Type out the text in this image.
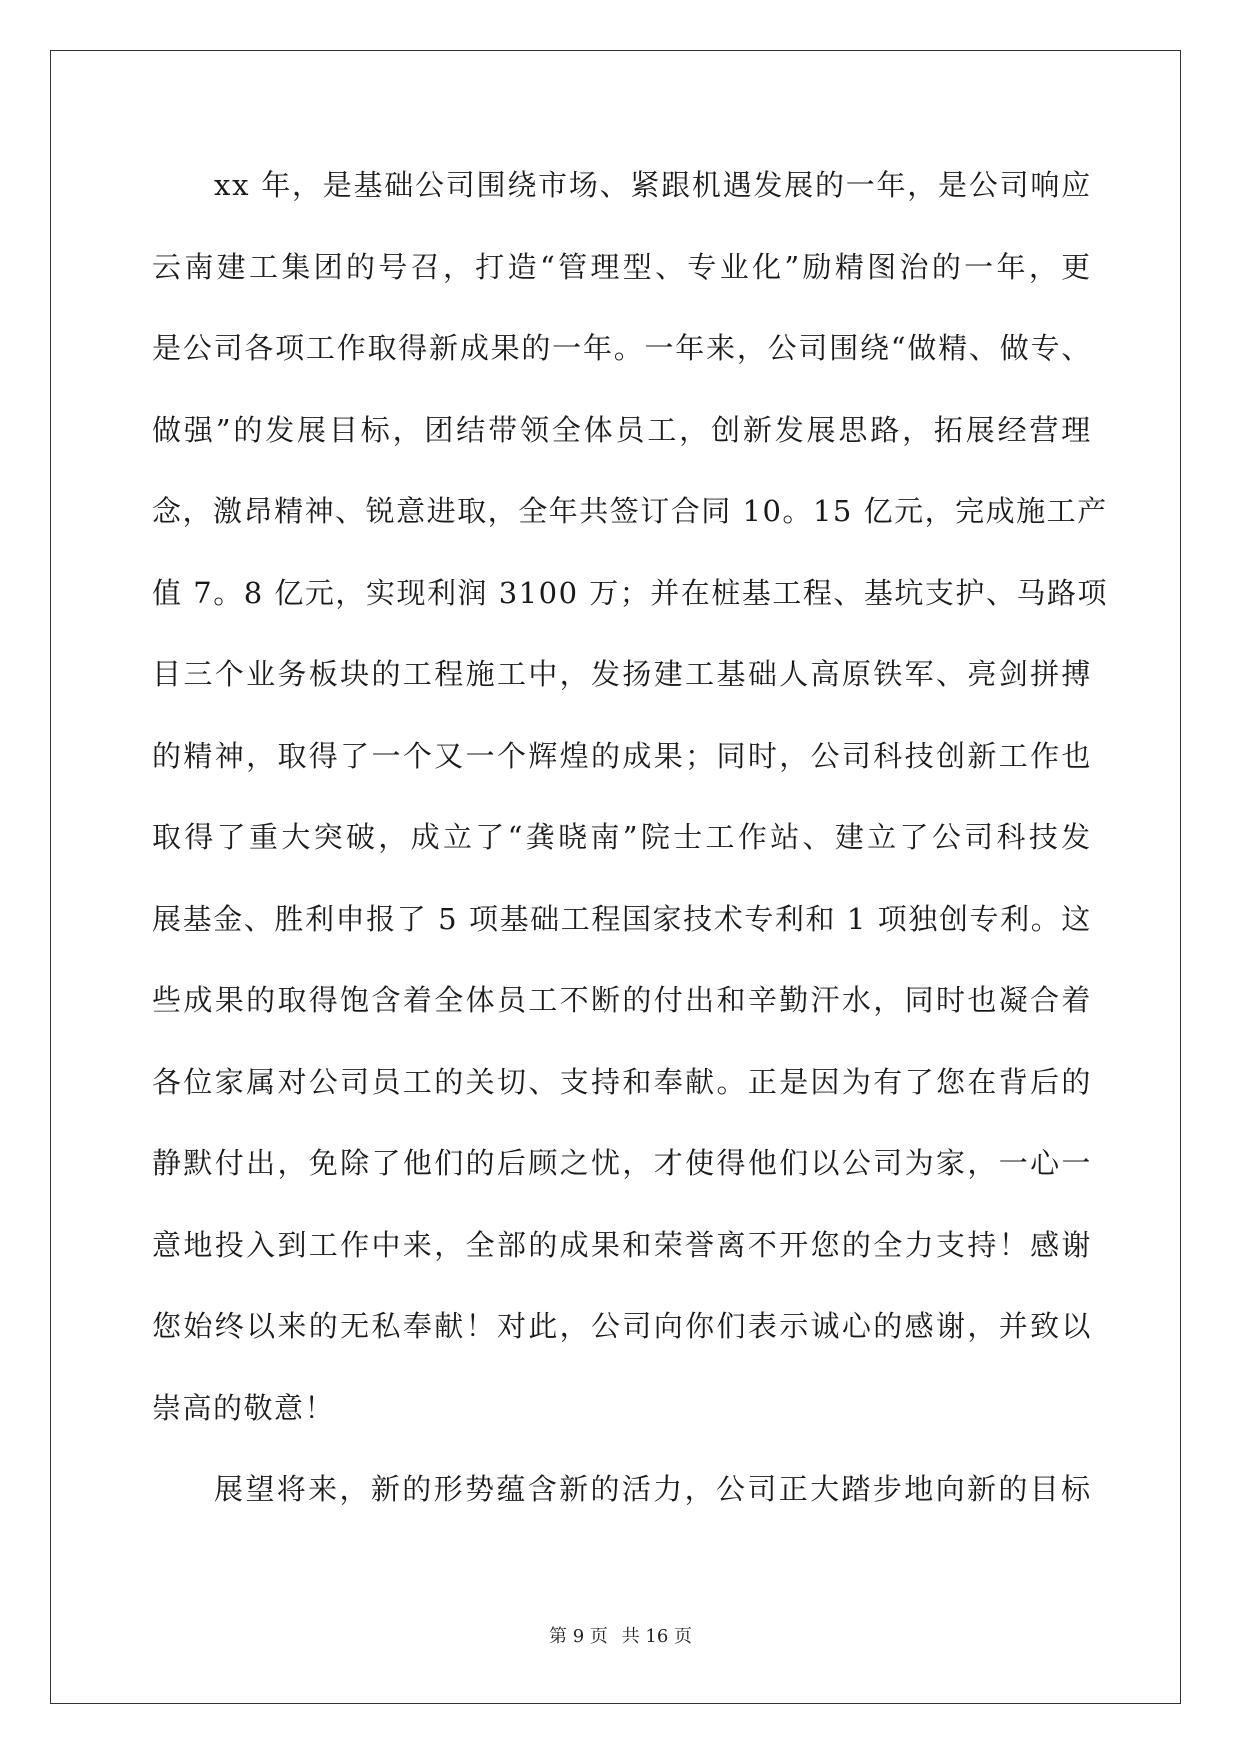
x x
年 ， 是 基 础 公 司 围 绕 市 场 、 紧 跟 机 遇 发 展 的 一 年 ， 是 公 司 响 应
云 南 建 工 集 团 的 号 召 ， 打 造 “ 管 理 型 、 专 业 化 ” 励 精 图 治 的 一 年 ， 更
是 公 司 各 项 工 作 取 得 新 成 果 的 一 年 。 一 年 来 ， 公 司 围 绕 “ 做 精 、 做 专 、
做 强 ” 的 发 展 目 标 ， 团 结 带 领 全 体 员 工 ， 创 新 发 展 思 路 ， 拓 展 经 营 理
念 ， 激 昂 精 神 、 锐 意 进 取 ， 全 年 共 签 订 合 同
1 0 。 1 5
亿 元 ， 完 成 施 工 产
值
7 。 8
亿 元 ， 实 现 利 润
3 1 0 0
万 ； 并 在 桩 基 工 程 、 基 坑 支 护 、 马 路 项
目 三 个 业 务 板 块 的 工 程 施 工 中 ， 发 扬 建 工 基 础 人 高 原 铁 军 、 亮 剑 拼 搏
的 精 神 ， 取 得 了 一 个 又 一 个 辉 煌 的 成 果 ； 同 时 ， 公 司 科 技 创 新 工 作 也
取 得 了 重 大 突 破 ， 成 立 了 “ 龚 晓 南 ” 院 士 工 作 站 、 建 立 了 公 司 科 技 发
展 基 金 、 胜 利 申 报 了
5
项 基 础 工 程 国 家 技 术 专 利 和
1
项 独 创 专 利 。 这
些 成 果 的 取 得 饱 含 着 全 体 员 工 不 断 的 付 出 和 辛 勤 汗 水 ， 同 时 也 凝 合 着
各 位 家 属 对 公 司 员 工 的 关 切 、 支 持 和 奉 献 。 正 是 因 为 有 了 您 在 背 后 的
静 默 付 出 ， 免 除 了 他 们 的 后 顾 之 忧 ， 才 使 得 他 们 以 公 司 为 家 ， 一 心 一
意 地 投 入 到 工 作 中 来 ， 全 部 的 成 果 和 荣 誉 离 不 开 您 的 全 力 支 持 ！ 感 谢
您 始 终 以 来 的 无 私 奉 献 ！ 对 此 ， 公 司 向 你 们 表 示 诚 心 的 感 谢 ， 并 致 以
崇高的敬意！
展 望 将 来 ， 新 的 形 势 蕴 含 新 的 活 力 ， 公 司 正 大 踏 步 地 向 新 的 目 标
第 9 页 共 16 页
